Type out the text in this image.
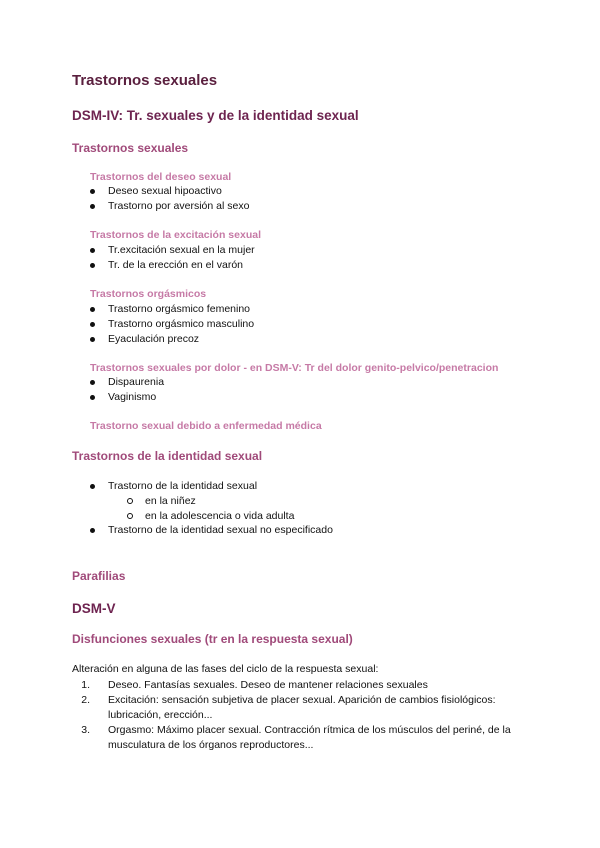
Trastornos sexuales
DSM-IV: Tr. sexuales y de la identidad sexual
Trastornos sexuales
Trastornos del deseo sexual
Deseo sexual hipoactivo
Trastorno por aversión al sexo
Trastornos de la excitación sexual
Tr.excitación sexual en la mujer
Tr. de la erección en el varón
Trastornos orgásmicos
Trastorno orgásmico femenino
Trastorno orgásmico masculino
Eyaculación precoz
Trastornos sexuales por dolor - en DSM-V: Tr del dolor genito-pelvico/penetracion
Dispaurenia
Vaginismo
Trastorno sexual debido a enfermedad médica
Trastornos de la identidad sexual
Trastorno de la identidad sexual
en la niñez
en la adolescencia o vida adulta
Trastorno de la identidad sexual no especificado
Parafilias
DSM-V
Disfunciones sexuales (tr en la respuesta sexual)
Alteración en alguna de las fases del ciclo de la respuesta sexual:
1. Deseo. Fantasías sexuales. Deseo de mantener relaciones sexuales
2. Excitación: sensación subjetiva de placer sexual. Aparición de cambios fisiológicos: lubricación, erección...
3. Orgasmo: Máximo placer sexual. Contracción rítmica de los músculos del periné, de la musculatura de los órganos reproductores...
